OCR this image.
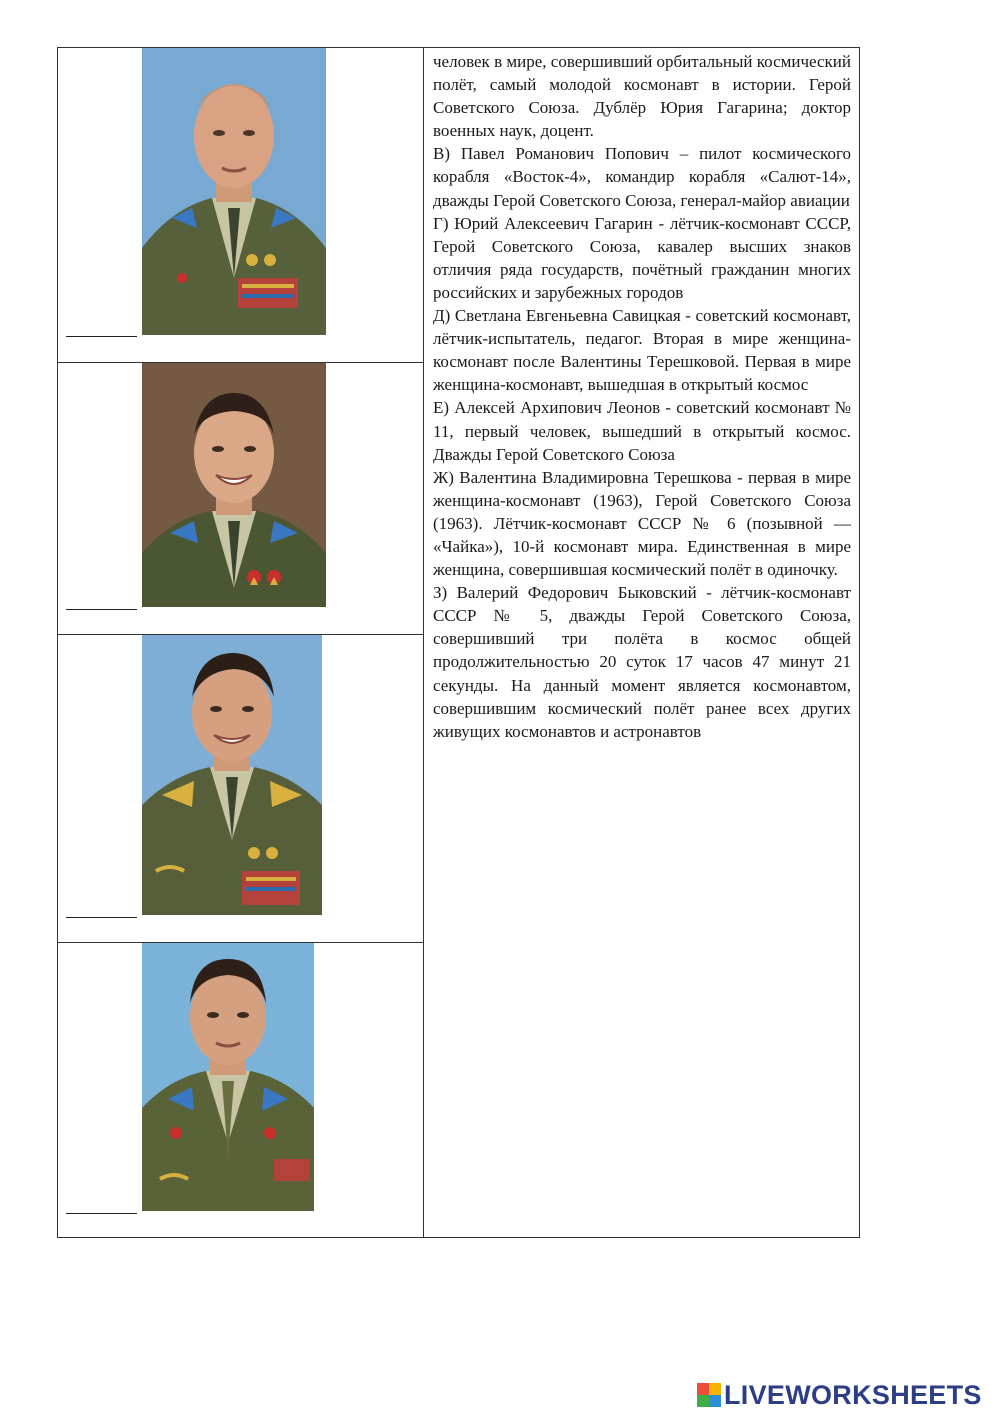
человек в мире, совершивший орбитальный космический полёт, самый молодой космонавт в истории. Герой Советского Союза. Дублёр Юрия Гагарина; доктор военных наук, доцент.

В) Павел Романович Попович – пилот космического корабля «Восток-4», командир корабля «Салют-14», дважды Герой Советского Союза, генерал-майор авиации

Г) Юрий Алексеевич Гагарин - лётчик-космонавт СССР, Герой Советского Союза, кавалер высших знаков отличия ряда государств, почётный гражданин многих российских и зарубежных городов

Д) Светлана Евгеньевна Савицкая - советский космонавт, лётчик-испытатель, педагог. Вторая в мире женщина-космонавт после Валентины Терешковой. Первая в мире женщина-космонавт, вышедшая в открытый космос

Е) Алексей Архипович Леонов - советский космонавт № 11, первый человек, вышедший в открытый космос. Дважды Герой Советского Союза

Ж) Валентина Владимировна Терешкова - первая в мире женщина-космонавт (1963), Герой Советского Союза (1963). Лётчик-космонавт СССР № 6 (позывной — «Чайка»), 10-й космонавт мира. Единственная в мире женщина, совершившая космический полёт в одиночку.

З) Валерий Федорович Быковский - лётчик-космонавт СССР № 5, дважды Герой Советского Союза, совершивший три полёта в космос общей продолжительностью 20 суток 17 часов 47 минут 21 секунды. На данный момент является космонавтом, совершившим космический полёт ранее всех других живущих космонавтов и астронавтов

LIVEWORKSHEETS
